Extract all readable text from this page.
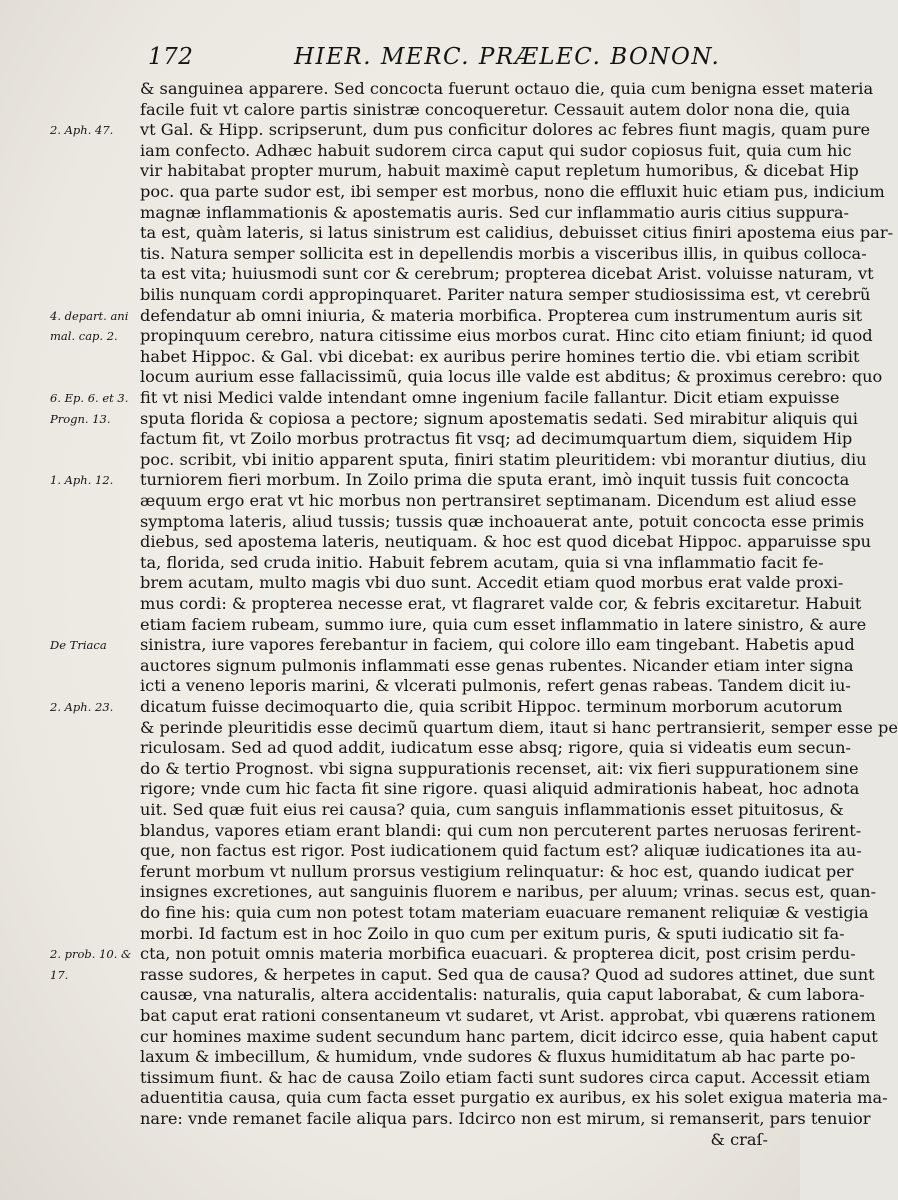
172	HIER. MERC. PRÆLEC. BONON.
2. Aph. 47.
4. depart. ani
mal. cap. 2.
6. Ep. 6. et 3.
Progn. 13.
1. Aph. 12.
De Triaca
2. Aph. 23.
2. prob. 10. &
17.
& sanguinea apparere. Sed concocta fuerunt octauo die, quia cum benigna esset materia
facile fuit vt calore partis sinistræ concoqueretur. Cessauit autem dolor nona die, quia
vt Gal. & Hipp. scripserunt, dum pus conficitur dolores ac febres fiunt magis, quam pure
iam confecto. Adhæc habuit sudorem circa caput qui sudor copiosus fuit, quia cum hic
vir habitabat propter murum, habuit maximè caput repletum humoribus, & dicebat Hip
poc. qua parte sudor est, ibi semper est morbus, nono die effluxit huic etiam pus, indicium
magnæ inflammationis & apostematis auris. Sed cur inflammatio auris citius suppura-
ta est, quàm lateris, si latus sinistrum est calidius, debuisset citius finiri apostema eius par-
tis. Natura semper sollicita est in depellendis morbis a visceribus illis, in quibus colloca-
ta est vita; huiusmodi sunt cor & cerebrum; propterea dicebat Arist. voluisse naturam, vt
bilis nunquam cordi appropinquaret. Pariter natura semper studiosissima est, vt cerebrũ
defendatur ab omni iniuria, & materia morbifica. Propterea cum instrumentum auris sit
propinquum cerebro, natura citissime eius morbos curat. Hinc cito etiam finiunt; id quod
habet Hippoc. & Gal. vbi dicebat: ex auribus perire homines tertio die. vbi etiam scribit
locum aurium esse fallacissimũ, quia locus ille valde est abditus; & proximus cerebro: quo
fit vt nisi Medici valde intendant omne ingenium facile fallantur. Dicit etiam expuisse
sputa florida & copiosa a pectore; signum apostematis sedati. Sed mirabitur aliquis qui
factum fit, vt Zoilo morbus protractus fit vsq; ad decimumquartum diem, siquidem Hip
poc. scribit, vbi initio apparent sputa, finiri statim pleuritidem: vbi morantur diutius, diu
turniorem fieri morbum. In Zoilo prima die sputa erant, imò inquit tussis fuit concocta
æquum ergo erat vt hic morbus non pertransiret septimanam. Dicendum est aliud esse
symptoma lateris, aliud tussis; tussis quæ inchoauerat ante, potuit concocta esse primis
diebus, sed apostema lateris, neutiquam. & hoc est quod dicebat Hippoc. apparuisse spu
ta, florida, sed cruda initio. Habuit febrem acutam, quia si vna inflammatio facit fe-
brem acutam, multo magis vbi duo sunt. Accedit etiam quod morbus erat valde proxi-
mus cordi: & propterea necesse erat, vt flagraret valde cor, & febris excitaretur. Habuit
etiam faciem rubeam, summo iure, quia cum esset inflammatio in latere sinistro, & aure
sinistra, iure vapores ferebantur in faciem, qui colore illo eam tingebant. Habetis apud
auctores signum pulmonis inflammati esse genas rubentes. Nicander etiam inter signa
icti a veneno leporis marini, & vlcerati pulmonis, refert genas rabeas. Tandem dicit iu-
dicatum fuisse decimoquarto die, quia scribit Hippoc. terminum morborum acutorum
& perinde pleuritidis esse decimũ quartum diem, itaut si hanc pertransierit, semper esse pe
riculosam. Sed ad quod addit, iudicatum esse absq; rigore, quia si videatis eum secun-
do & tertio Prognost. vbi signa suppurationis recenset, ait: vix fieri suppurationem sine
rigore; vnde cum hic facta fit sine rigore. quasi aliquid admirationis habeat, hoc adnota
uit. Sed quæ fuit eius rei causa? quia, cum sanguis inflammationis esset pituitosus, &
blandus, vapores etiam erant blandi: qui cum non percuterent partes neruosas ferirent-
que, non factus est rigor. Post iudicationem quid factum est? aliquæ iudicationes ita au-
ferunt morbum vt nullum prorsus vestigium relinquatur: & hoc est, quando iudicat per
insignes excretiones, aut sanguinis fluorem e naribus, per aluum; vrinas. secus est, quan-
do fine his: quia cum non potest totam materiam euacuare remanent reliquiæ & vestigia
morbi. Id factum est in hoc Zoilo in quo cum per exitum puris, & sputi iudicatio sit fa-
cta, non potuit omnis materia morbifica euacuari. & propterea dicit, post crisim perdu-
rasse sudores, & herpetes in caput. Sed qua de causa? Quod ad sudores attinet, due sunt
causæ, vna naturalis, altera accidentalis: naturalis, quia caput laborabat, & cum labora-
bat caput erat rationi consentaneum vt sudaret, vt Arist. approbat, vbi quærens rationem
cur homines maxime sudent secundum hanc partem, dicit idcirco esse, quia habent caput
laxum & imbecillum, & humidum, vnde sudores & fluxus humiditatum ab hac parte po-
tissimum fiunt. & hac de causa Zoilo etiam facti sunt sudores circa caput. Accessit etiam
aduentitia causa, quia cum facta esset purgatio ex auribus, ex his solet exigua materia ma-
nare: vnde remanet facile aliqua pars. Idcirco non est mirum, si remanserit, pars tenuior
& craſ-
